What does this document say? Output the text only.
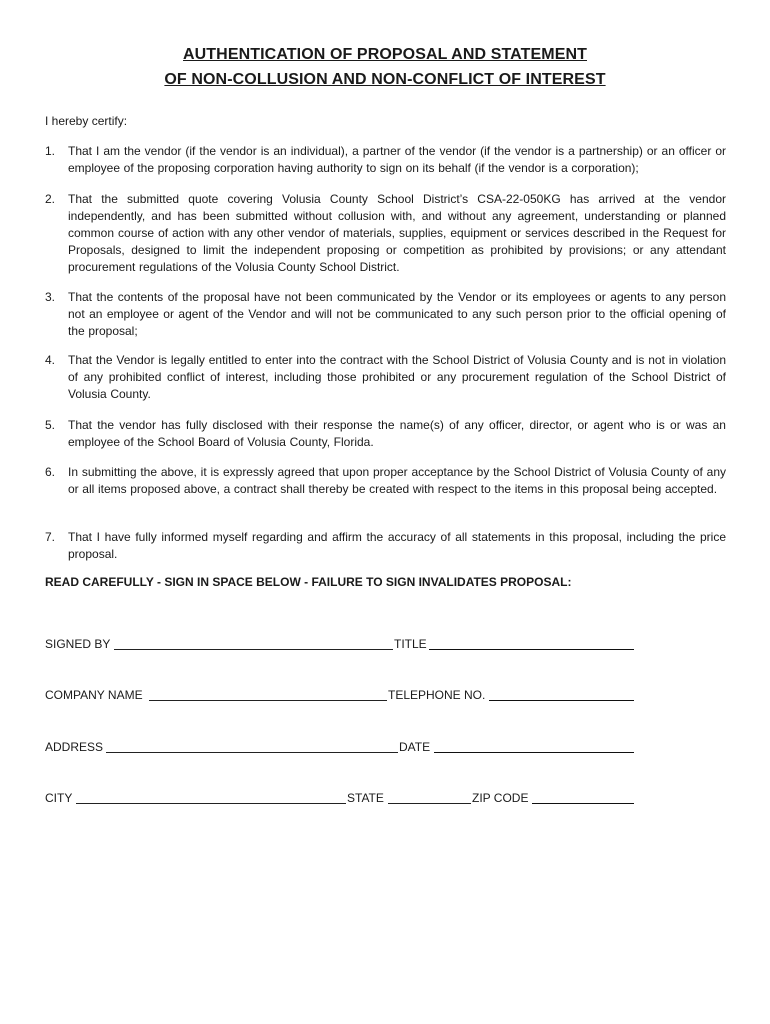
AUTHENTICATION OF PROPOSAL AND STATEMENT
OF NON-COLLUSION AND NON-CONFLICT OF INTEREST
I hereby certify:
1.	That I am the vendor (if the vendor is an individual), a partner of the vendor (if the vendor is a partnership) or an officer or employee of the proposing corporation having authority to sign on its behalf (if the vendor is a corporation);
2.	That the submitted quote covering Volusia County School District’s CSA-22-050KG has arrived at the vendor independently, and has been submitted without collusion with, and without any agreement, understanding or planned common course of action with any other vendor of materials, supplies, equipment or services described in the Request for Proposals, designed to limit the independent proposing or competition as prohibited by provisions; or any attendant procurement regulations of the Volusia County School District.
3.	That the contents of the proposal have not been communicated by the Vendor or its employees or agents to any person not an employee or agent of the Vendor and will not be communicated to any such person prior to the official opening of the proposal;
4.	That the Vendor is legally entitled to enter into the contract with the School District of Volusia County and is not in violation of any prohibited conflict of interest, including those prohibited or any procurement regulation of the School District of Volusia County.
5.	That the vendor has fully disclosed with their response the name(s) of any officer, director, or agent who is or was an employee of the School Board of Volusia County, Florida.
6.	In submitting the above, it is expressly agreed that upon proper acceptance by the School District of Volusia County of any or all items proposed above, a contract shall thereby be created with respect to the items in this proposal being accepted.
7.	That I have fully informed myself regarding and affirm the accuracy of all statements in this proposal, including the price proposal.
READ CAREFULLY - SIGN IN SPACE BELOW - FAILURE TO SIGN INVALIDATES PROPOSAL:
SIGNED BY	TITLE
COMPANY NAME	TELEPHONE NO.
ADDRESS	DATE
CITY	STATE	ZIP CODE
